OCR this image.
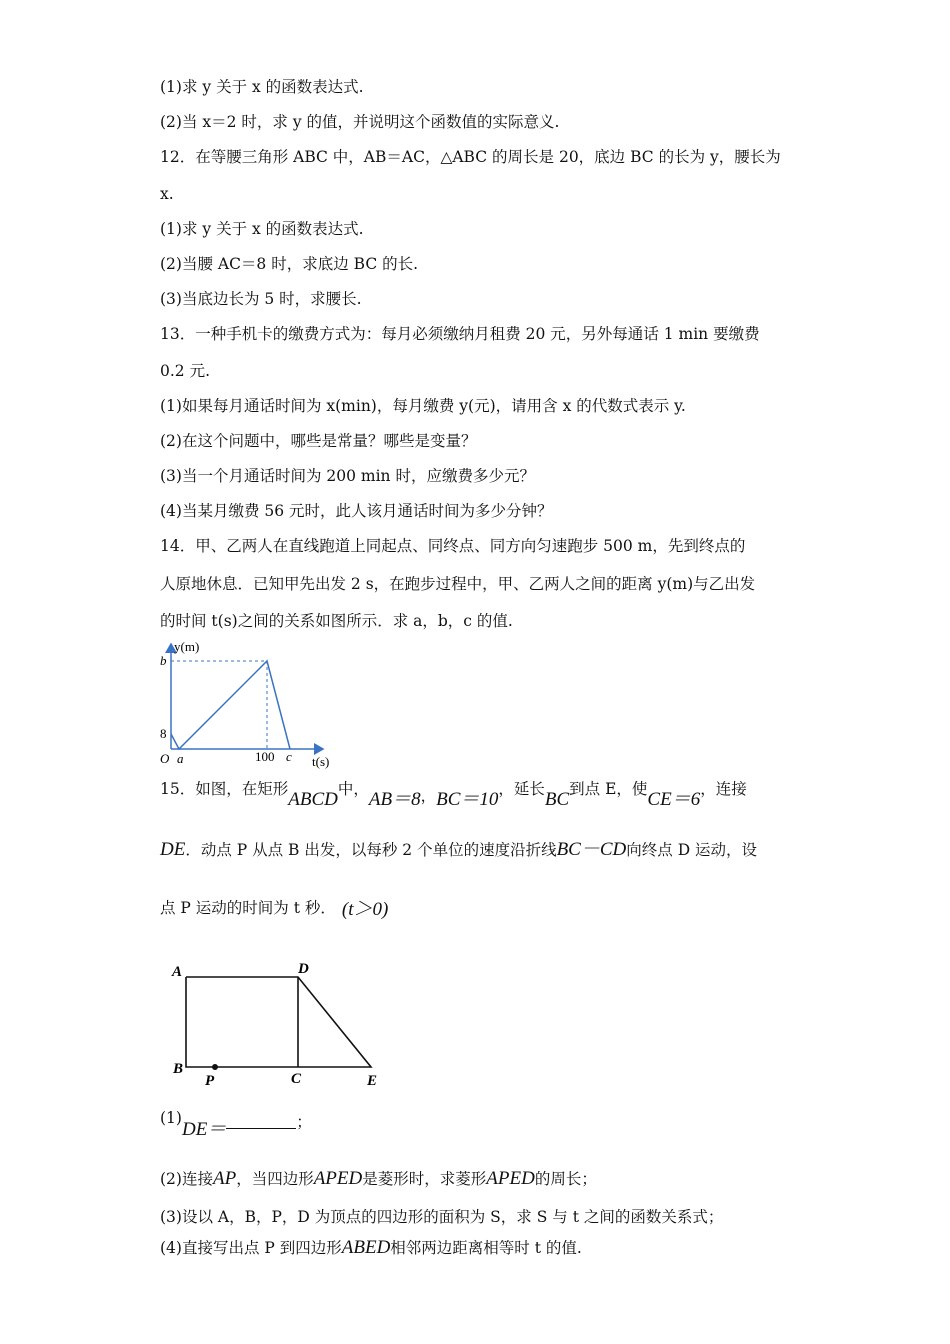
(1)求 y 关于 x 的函数表达式.
(2)当 x＝2 时，求 y 的值，并说明这个函数值的实际意义.
12．在等腰三角形 ABC 中，AB＝AC，△ABC 的周长是 20，底边 BC 的长为 y，腰长为
x.
(1)求 y 关于 x 的函数表达式.
(2)当腰 AC＝8 时，求底边 BC 的长.
(3)当底边长为 5 时，求腰长.
13．一种手机卡的缴费方式为：每月必须缴纳月租费 20 元，另外每通话 1 min 要缴费
0.2 元.
(1)如果每月通话时间为 x(min)，每月缴费 y(元)，请用含 x 的代数式表示 y.
(2)在这个问题中，哪些是常量？哪些是变量？
(3)当一个月通话时间为 200 min 时，应缴费多少元？
(4)当某月缴费 56 元时，此人该月通话时间为多少分钟？
14．甲、乙两人在直线跑道上同起点、同终点、同方向匀速跑步 500 m，先到终点的
人原地休息．已知甲先出发 2 s，在跑步过程中，甲、乙两人之间的距离 y(m)与乙出发
的时间 t(s)之间的关系如图所示．求 a，b，c 的值.
y(m)
b
8
O a	100 c t(s)
15．如图，在矩形ABCD中，AB＝8，BC＝10，延长BC到点 E，使CE＝6，连接
DE．动点 P 从点 B 出发，以每秒 2 个单位的速度沿折线BC－CD向终点 D 运动，设
点 P 运动的时间为 t 秒． (t＞0)
A	D
B
P	C	E
(1)DE＝	；
(2)连接AP，当四边形APED是菱形时，求菱形APED的周长；
(3)设以 A，B，P，D 为顶点的四边形的面积为 S，求 S 与 t 之间的函数关系式；
(4)直接写出点 P 到四边形ABED相邻两边距离相等时 t 的值.
